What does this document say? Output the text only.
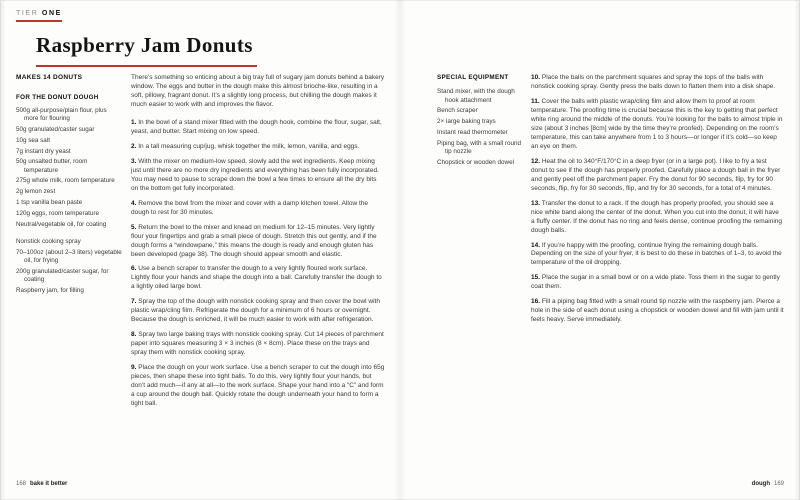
TIER ONE
Raspberry Jam Donuts
MAKES 14 DONUTS
FOR THE DONUT DOUGH
500g all-purpose/plain flour, plus more for flouring
50g granulated/caster sugar
10g sea salt
7g instant dry yeast
50g unsalted butter, room temperature
275g whole milk, room temperature
2g lemon zest
1 tsp vanilla bean paste
120g eggs, room temperature
Neutral/vegetable oil, for coating
Nonstick cooking spray
70–100oz (about 2–3 liters) vegetable oil, for frying
200g granulated/caster sugar, for coating
Raspberry jam, for filling

There’s something so enticing about a big tray full of sugary jam donuts behind a bakery window. The eggs and butter in the dough make this almost brioche-like, resulting in a soft, pillowy, fragrant donut. It’s a slightly long process, but chilling the dough makes it much easier to work with and improves the flavor.

1. In the bowl of a stand mixer fitted with the dough hook, combine the flour, sugar, salt, yeast, and butter. Start mixing on low speed.

2. In a tall measuring cup/jug, whisk together the milk, lemon, vanilla, and eggs.

3. With the mixer on medium-low speed, slowly add the wet ingredients. Keep mixing just until there are no more dry ingredients and everything has been fully incorporated. You may need to pause to scrape down the bowl a few times to ensure all the dry bits on the bottom get fully incorporated.

4. Remove the bowl from the mixer and cover with a damp kitchen towel. Allow the dough to rest for 30 minutes.

5. Return the bowl to the mixer and knead on medium for 12–15 minutes. Very lightly flour your fingertips and grab a small piece of dough. Stretch this out gently, and if the dough forms a “windowpane,” this means the dough is ready and enough gluten has been developed (page 38). The dough should appear smooth and elastic.

6. Use a bench scraper to transfer the dough to a very lightly floured work surface. Lightly flour your hands and shape the dough into a ball. Carefully transfer the dough to a lightly oiled large bowl.

7. Spray the top of the dough with nonstick cooking spray and then cover the bowl with plastic wrap/cling film. Refrigerate the dough for a minimum of 6 hours or overnight. Because the dough is enriched, it will be much easier to work with after refrigeration.

8. Spray two large baking trays with nonstick cooking spray. Cut 14 pieces of parchment paper into squares measuring 3 × 3 inches (8 × 8cm). Place these on the trays and spray them with nonstick cooking spray.

9. Place the dough on your work surface. Use a bench scraper to cut the dough into 65g pieces, then shape these into tight balls. To do this, very lightly flour your hands, but don’t add much—if any at all—to the work surface. Shape your hand into a “C” and form a cup around the dough ball. Quickly rotate the dough underneath your hand to form a tight ball.

SPECIAL EQUIPMENT
Stand mixer, with the dough hook attachment
Bench scraper
2× large baking trays
Instant read thermometer
Piping bag, with a small round tip nozzle
Chopstick or wooden dowel

10. Place the balls on the parchment squares and spray the tops of the balls with nonstick cooking spray. Gently press the balls down to flatten them into a disk shape.

11. Cover the balls with plastic wrap/cling film and allow them to proof at room temperature. The proofing time is crucial because this is the key to getting that perfect white ring around the middle of the donuts. You’re looking for the balls to almost triple in size (about 3 inches [8cm] wide by the time they’re proofed). Depending on the room’s temperature, this can take anywhere from 1 to 3 hours—or longer if it’s cold—so keep an eye on them.

12. Heat the oil to 340°F/170°C in a deep fryer (or in a large pot). I like to fry a test donut to see if the dough has properly proofed. Carefully place a dough ball in the fryer and gently peel off the parchment paper. Fry the donut for 90 seconds, flip, fry for 90 seconds, flip, fry for 30 seconds, flip, and fry for 30 seconds, for a total of 4 minutes.

13. Transfer the donut to a rack. If the dough has properly proofed, you should see a nice white band along the center of the donut. When you cut into the donut, it will have a fluffy center. If the donut has no ring and feels dense, continue proofing the remaining dough balls.

14. If you’re happy with the proofing, continue frying the remaining dough balls. Depending on the size of your fryer, it is best to do these in batches of 1–3, to avoid the temperature of the oil dropping.

15. Place the sugar in a small bowl or on a wide plate. Toss them in the sugar to gently coat them.

16. Fill a piping bag fitted with a small round tip nozzle with the raspberry jam. Pierce a hole in the side of each donut using a chopstick or wooden dowel and fill with jam until it feels heavy. Serve immediately.

168 bake it better	dough 169
